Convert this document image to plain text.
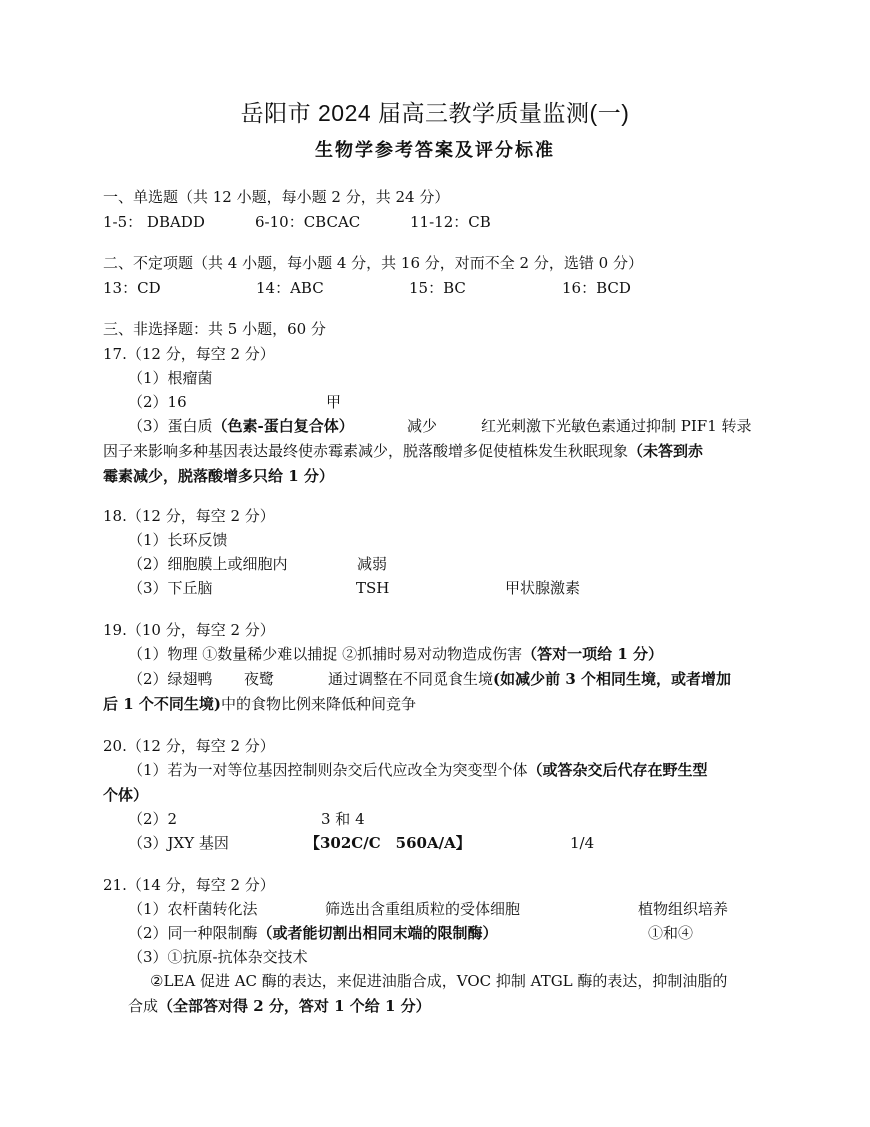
岳阳市 2024 届高三教学质量监测(一)
生物学参考答案及评分标准
一、单选题（共 12 小题，每小题 2 分，共 24 分）
1-5： DBADD	6-10：CBCAC	11-12：CB
二、不定项题（共 4 小题，每小题 4 分，共 16 分，对而不全 2 分，选错 0 分）
13：CD	14：ABC	15：BC	16：BCD
三、非选择题：共 5 小题，60 分
17.（12 分，每空 2 分）
（1）根瘤菌
（2）16	甲
（3）蛋白质（色素-蛋白复合体）	减少	红光刺激下光敏色素通过抑制 PIF1 转录
因子来影响多种基因表达最终使赤霉素减少，脱落酸增多促使植株发生秋眠现象（未答到赤
霉素减少，脱落酸增多只给 1 分）
18.（12 分，每空 2 分）
（1）长环反馈
（2）细胞膜上或细胞内	减弱
（3）下丘脑	TSH	甲状腺激素
19.（10 分，每空 2 分）
（1）物理 ①数量稀少难以捕捉 ②抓捕时易对动物造成伤害（答对一项给 1 分）
（2）绿翅鸭 夜鹭	通过调整在不同觅食生境(如减少前 3 个相同生境，或者增加
后 1 个不同生境)中的食物比例来降低种间竞争
20.（12 分，每空 2 分）
（1）若为一对等位基因控制则杂交后代应改全为突变型个体（或答杂交后代存在野生型
个体）
（2）2	3 和 4
（3）JXY 基因	【302C/C　560A/A】	1/4
21.（14 分，每空 2 分）
（1）农杆菌转化法	筛选出含重组质粒的受体细胞	植物组织培养
（2）同一种限制酶（或者能切割出相同末端的限制酶）	①和④
（3）①抗原-抗体杂交技术
②LEA 促进 AC 酶的表达，来促进油脂合成，VOC 抑制 ATGL 酶的表达，抑制油脂的
合成（全部答对得 2 分，答对 1 个给 1 分）
